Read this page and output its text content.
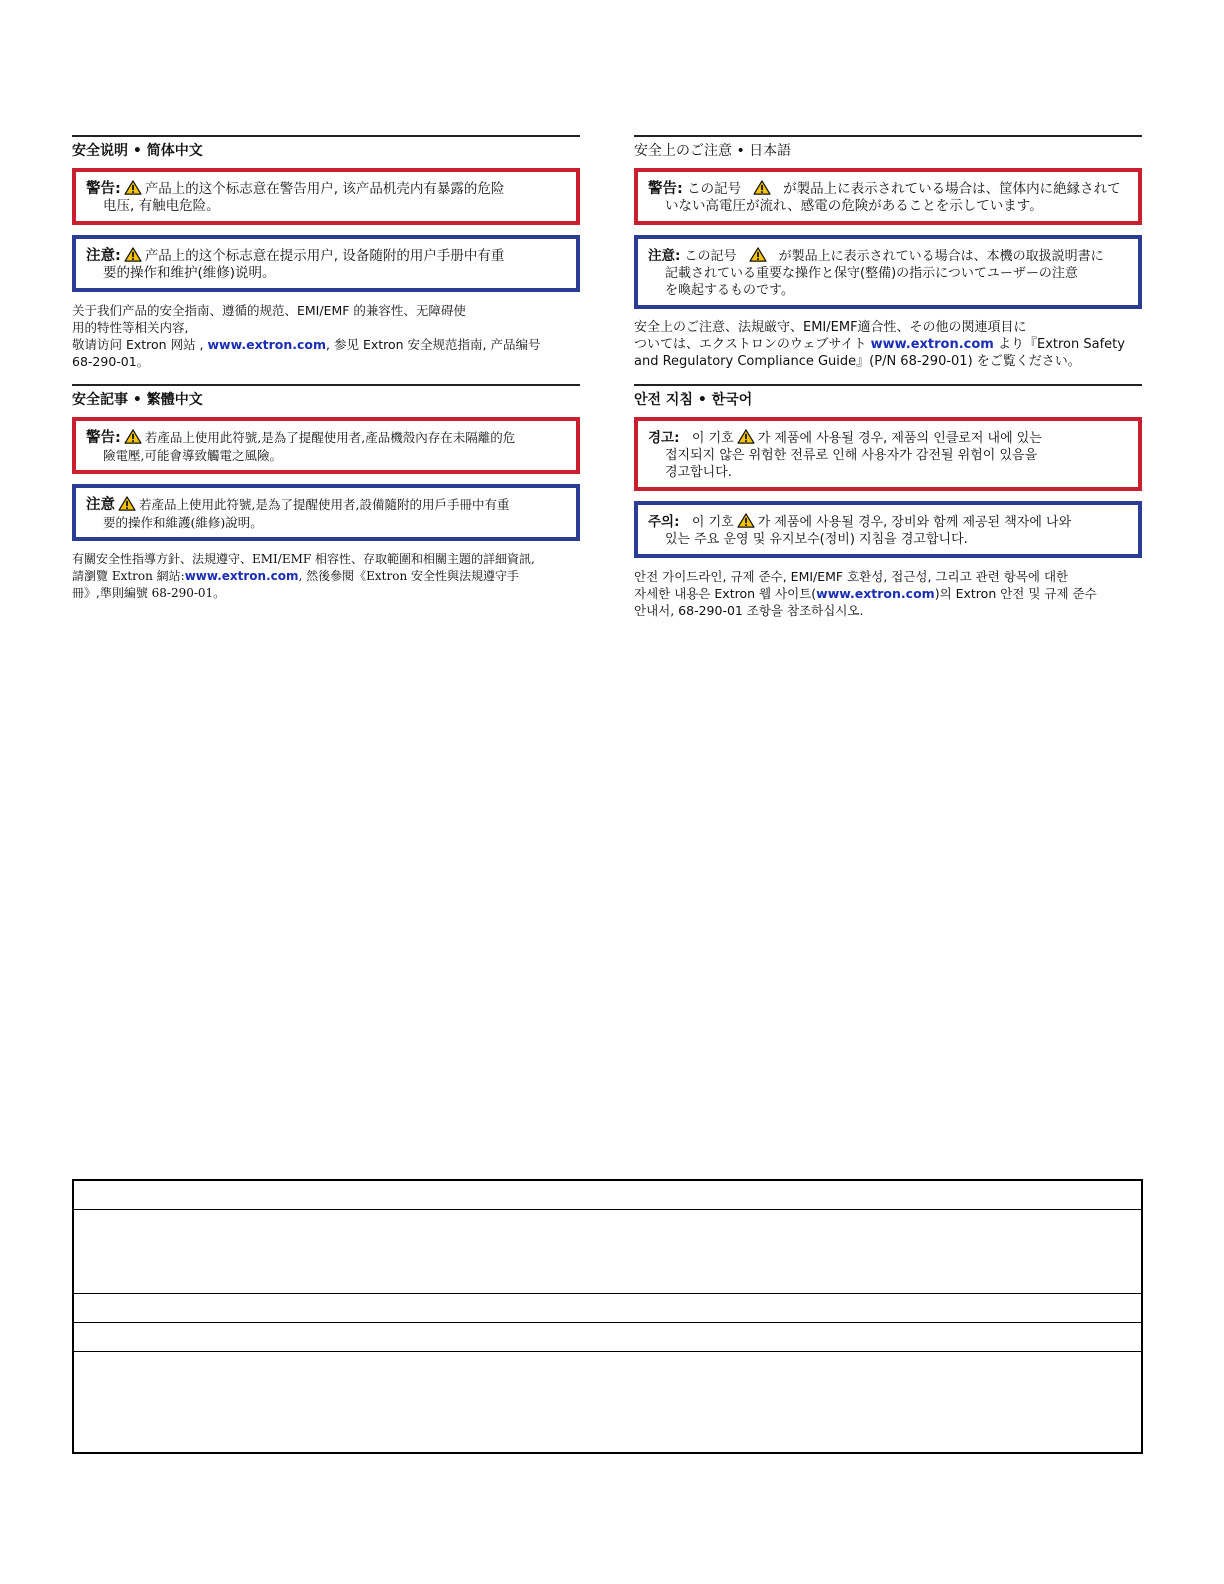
安全说明 • 简体中文
警告: 产品上的这个标志意在警告用户, 该产品机壳内有暴露的危险
电压, 有触电危险。
注意: 产品上的这个标志意在提示用户, 设备随附的用户手册中有重
要的操作和维护(维修)说明。
关于我们产品的安全指南、遵循的规范、EMI/EMF 的兼容性、无障碍使
用的特性等相关内容,
敬请访问 Extron 网站 , www.extron.com, 参见 Extron 安全规范指南, 产品编号
68-290-01。
安全記事 • 繁體中文
警告: 若產品上使用此符號,是為了提醒使用者,產品機殼內存在未隔離的危
險電壓,可能會導致觸電之風險。
注意 若產品上使用此符號,是為了提醒使用者,設備隨附的用戶手冊中有重
要的操作和維護(維修)說明。
有關安全性指導方針、法規遵守、EMI/EMF 相容性、存取範圍和相關主題的詳細資訊,
請瀏覽 Extron 網站:www.extron.com, 然後參閱《Extron 安全性與法規遵守手
冊》,準則編號 68-290-01。
安全上のご注意 • 日本語
警告: この記号	が製品上に表示されている場合は、筐体内に絶縁されて
いない高電圧が流れ、感電の危険があることを示しています。
注意: この記号	が製品上に表示されている場合は、本機の取扱説明書に
記載されている重要な操作と保守(整備)の指示についてユーザーの注意
を喚起するものです。
安全上のご注意、法規厳守、EMI/EMF適合性、その他の関連項目に
ついては、エクストロンのウェブサイト www.extron.com より『Extron Safety
and Regulatory Compliance Guide』(P/N 68-290-01) をご覧ください。
안전 지침 • 한국어
경고: 이 기호 가 제품에 사용될 경우, 제품의 인클로저 내에 있는
접지되지 않은 위험한 전류로 인해 사용자가 감전될 위험이 있음을
경고합니다.
주의: 이 기호 가 제품에 사용될 경우, 장비와 함께 제공된 책자에 나와
있는 주요 운영 및 유지보수(정비) 지침을 경고합니다.
안전 가이드라인, 규제 준수, EMI/EMF 호환성, 접근성, 그리고 관련 항목에 대한
자세한 내용은 Extron 웹 사이트(www.extron.com)의 Extron 안전 및 규제 준수
안내서, 68-290-01 조항을 참조하십시오.
